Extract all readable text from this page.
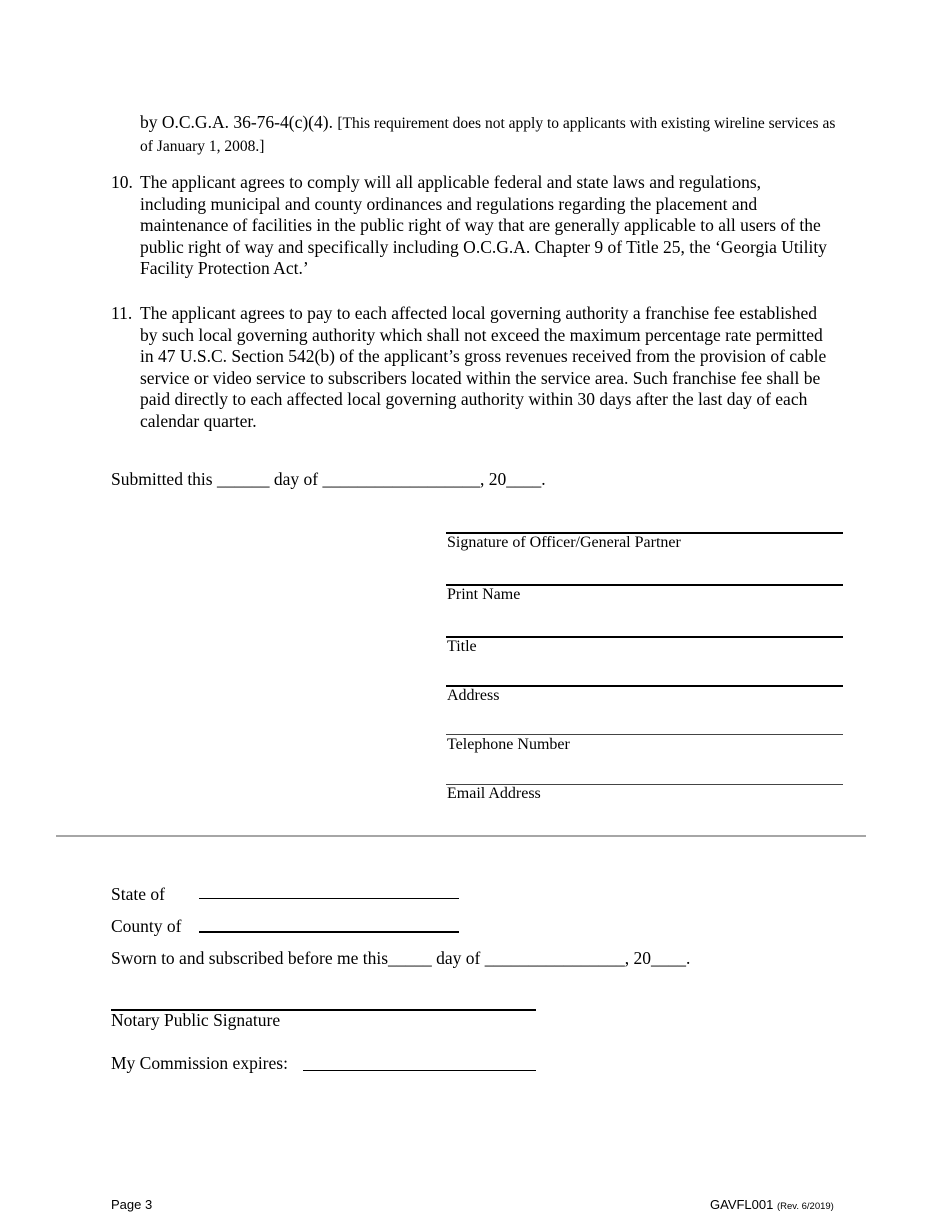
by O.C.G.A. 36-76-4(c)(4). [This requirement does not apply to applicants with existing wireline services as of January 1, 2008.]
10. The applicant agrees to comply will all applicable federal and state laws and regulations, including municipal and county ordinances and regulations regarding the placement and maintenance of facilities in the public right of way that are generally applicable to all users of the public right of way and specifically including O.C.G.A. Chapter 9 of Title 25, the ‘Georgia Utility Facility Protection Act.’
11. The applicant agrees to pay to each affected local governing authority a franchise fee established by such local governing authority which shall not exceed the maximum percentage rate permitted in 47 U.S.C. Section 542(b) of the applicant’s gross revenues received from the provision of cable service or video service to subscribers located within the service area. Such franchise fee shall be paid directly to each affected local governing authority within 30 days after the last day of each calendar quarter.
Submitted this ______ day of __________________, 20____.
Signature of Officer/General Partner
Print Name
Title
Address
Telephone Number
Email Address
State of
County of
Sworn to and subscribed before me this_____ day of ________________, 20____.
Notary Public Signature
My Commission expires:
Page 3	GAVFL001 (Rev. 6/2019)
